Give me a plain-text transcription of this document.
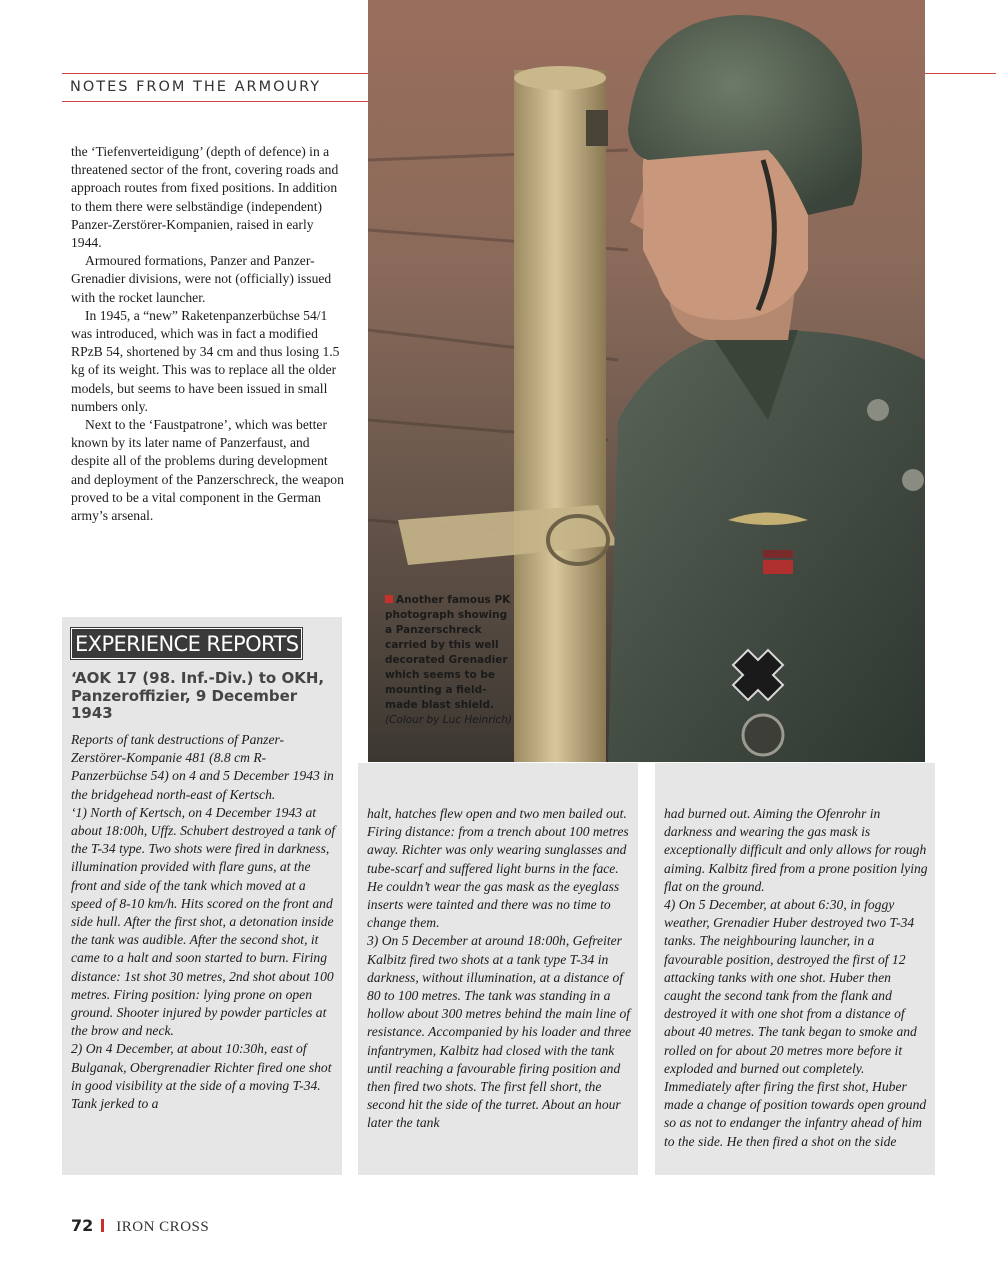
NOTES FROM THE ARMOURY

the ‘Tiefenverteidigung’ (depth of defence) in a threatened sector of the front, covering roads and approach routes from fixed positions. In addition to them there were selbständige (independent) Panzer-Zerstörer-Kompanien, raised in early 1944.

Armoured formations, Panzer and Panzer-Grenadier divisions, were not (officially) issued with the rocket launcher.

In 1945, a “new” Raketenpanzerbüchse 54/1 was introduced, which was in fact a modified RPzB 54, shortened by 34 cm and thus losing 1.5 kg of its weight. This was to replace all the older models, but seems to have been issued in small numbers only.

Next to the ‘Faustpatrone’, which was better known by its later name of Panzerfaust, and despite all of the problems during development and deployment of the Panzerschreck, the weapon proved to be a vital component in the German army’s arsenal.

Another famous PK photograph showing a Panzerschreck carried by this well decorated Grenadier which seems to be mounting a field-made blast shield.
(Colour by Luc Heinrich)
EXPERIENCE REPORTS
‘AOK 17 (98. Inf.-Div.) to OKH, Panzeroffizier, 9 December 1943
Reports of tank destructions of Panzer-Zerstörer-Kompanie 481 (8.8 cm R-Panzerbüchse 54) on 4 and 5 December 1943 in the bridgehead north-east of Kertsch.
‘1) North of Kertsch, on 4 December 1943 at about 18:00h, Uffz. Schubert destroyed a tank of the T-34 type. Two shots were fired in darkness, illumination provided with flare guns, at the front and side of the tank which moved at a speed of 8-10 km/h. Hits scored on the front and side hull. After the first shot, a detonation inside the tank was audible. After the second shot, it came to a halt and soon started to burn. Firing distance: 1st shot 30 metres, 2nd shot about 100 metres. Firing position: lying prone on open ground. Shooter injured by powder particles at the brow and neck.
2) On 4 December, at about 10:30h, east of Bulganak, Obergrenadier Richter fired one shot in good visibility at the side of a moving T-34. Tank jerked to a
halt, hatches flew open and two men bailed out. Firing distance: from a trench about 100 metres away. Richter was only wearing sunglasses and tube-scarf and suffered light burns in the face. He couldn’t wear the gas mask as the eyeglass inserts were tainted and there was no time to change them.
3) On 5 December at around 18:00h, Gefreiter Kalbitz fired two shots at a tank type T-34 in darkness, without illumination, at a distance of 80 to 100 metres. The tank was standing in a hollow about 300 metres behind the main line of resistance. Accompanied by his loader and three infantrymen, Kalbitz had closed with the tank until reaching a favourable firing position and then fired two shots. The first fell short, the second hit the side of the turret. About an hour later the tank
had burned out. Aiming the Ofenrohr in darkness and wearing the gas mask is exceptionally difficult and only allows for rough aiming. Kalbitz fired from a prone position lying flat on the ground.
4) On 5 December, at about 6:30, in foggy weather, Grenadier Huber destroyed two T-34 tanks. The neighbouring launcher, in a favourable position, destroyed the first of 12 attacking tanks with one shot. Huber then caught the second tank from the flank and destroyed it with one shot from a distance of about 40 metres. The tank began to smoke and rolled on for about 20 metres more before it exploded and burned out completely. Immediately after firing the first shot, Huber made a change of position towards open ground so as not to endanger the infantry ahead of him to the side. He then fired a shot on the side
72 IRON CROSS
